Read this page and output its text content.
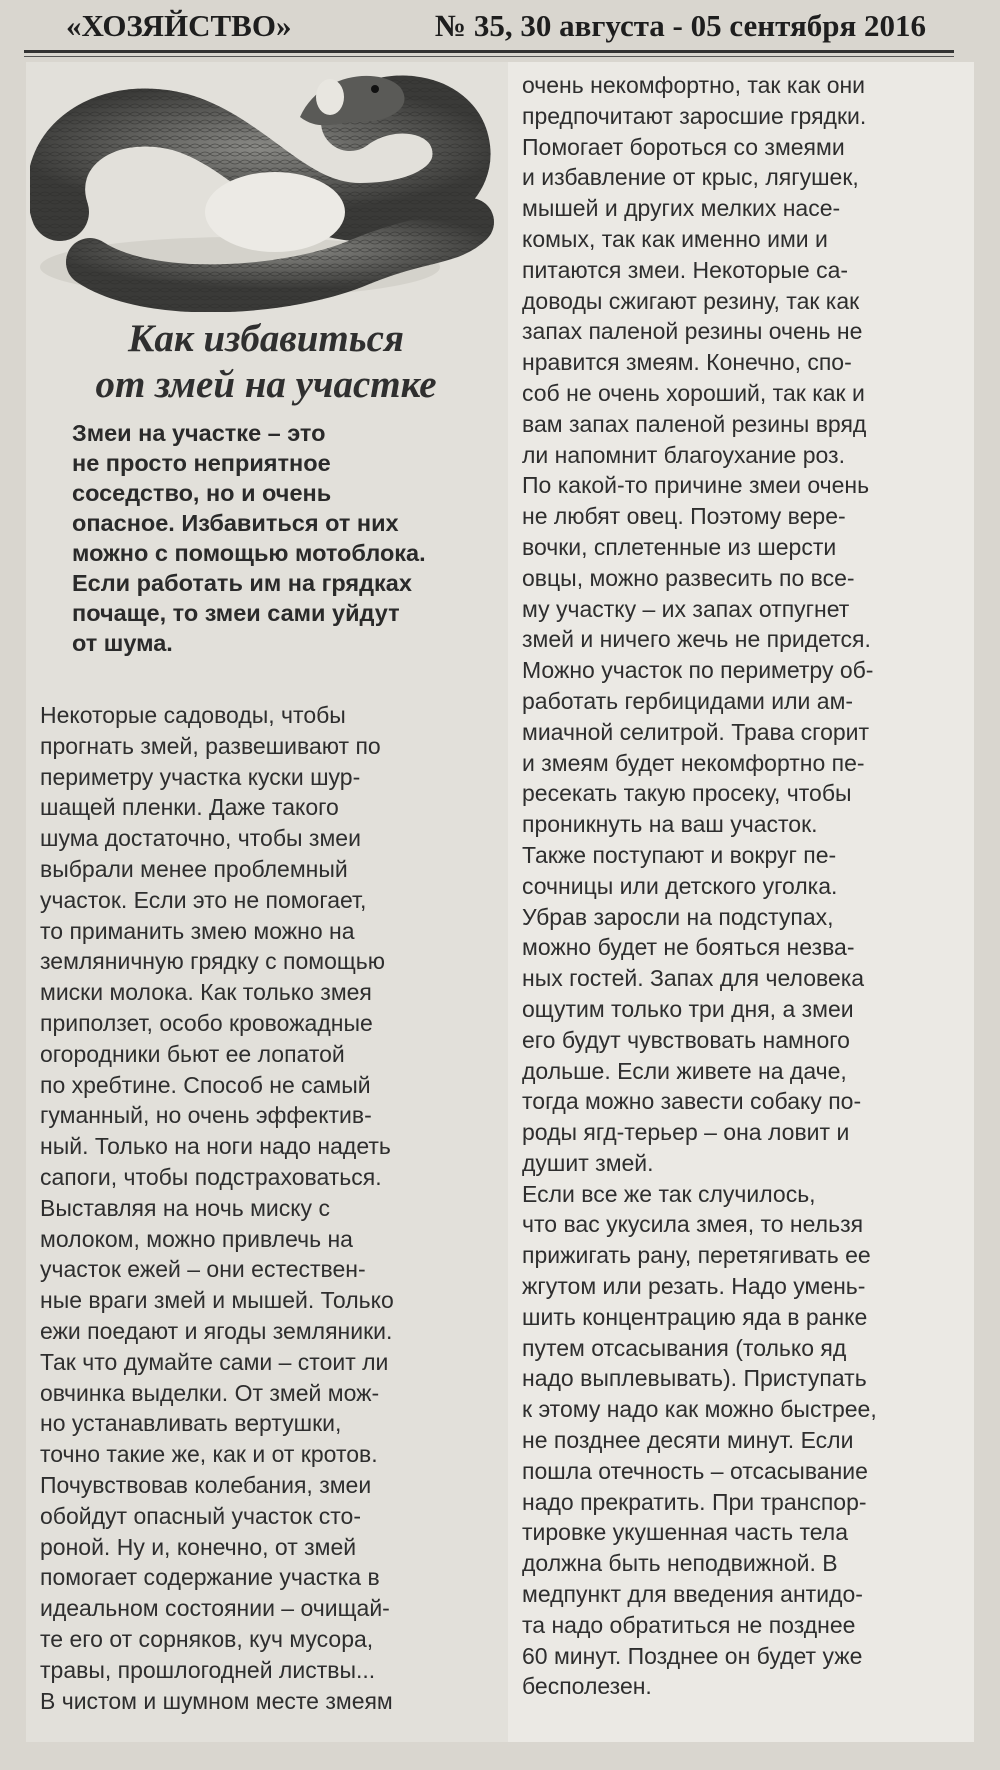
«ХОЗЯЙСТВО»	№ 35, 30 августа - 05 сентября 2016
Как избавиться
от змей на участке
Змеи на участке – это
не просто неприятное
соседство, но и очень
опасное. Избавиться от них
можно с помощью мотоблока.
Если работать им на грядках
почаще, то змеи сами уйдут
от шума.
Некоторые садоводы, чтобы
прогнать змей, развешивают по
периметру участка куски шур-
шащей пленки. Даже такого
шума достаточно, чтобы змеи
выбрали менее проблемный
участок. Если это не помогает,
то приманить змею можно на
земляничную грядку с помощью
миски молока. Как только змея
приползет, особо кровожадные
огородники бьют ее лопатой
по хребтине. Способ не самый
гуманный, но очень эффектив-
ный. Только на ноги надо надеть
сапоги, чтобы подстраховаться.
Выставляя на ночь миску с
молоком, можно привлечь на
участок ежей – они естествен-
ные враги змей и мышей. Только
ежи поедают и ягоды земляники.
Так что думайте сами – стоит ли
овчинка выделки. От змей мож-
но устанавливать вертушки,
точно такие же, как и от кротов.
Почувствовав колебания, змеи
обойдут опасный участок сто-
роной. Ну и, конечно, от змей
помогает содержание участка в
идеальном состоянии – очищай-
те его от сорняков, куч мусора,
травы, прошлогодней листвы...
В чистом и шумном месте змеям
очень некомфортно, так как они
предпочитают заросшие грядки.
Помогает бороться со змеями
и избавление от крыс, лягушек,
мышей и других мелких насе-
комых, так как именно ими и
питаются змеи. Некоторые са-
доводы сжигают резину, так как
запах паленой резины очень не
нравится змеям. Конечно, спо-
соб не очень хороший, так как и
вам запах паленой резины вряд
ли напомнит благоухание роз.
По какой-то причине змеи очень
не любят овец. Поэтому вере-
вочки, сплетенные из шерсти
овцы, можно развесить по все-
му участку – их запах отпугнет
змей и ничего жечь не придется.
Можно участок по периметру об-
работать гербицидами или ам-
миачной селитрой. Трава сгорит
и змеям будет некомфортно пе-
ресекать такую просеку, чтобы
проникнуть на ваш участок.
Также поступают и вокруг пе-
сочницы или детского уголка.
Убрав заросли на подступах,
можно будет не бояться незва-
ных гостей. Запах для человека
ощутим только три дня, а змеи
его будут чувствовать намного
дольше. Если живете на даче,
тогда можно завести собаку по-
роды ягд-терьер – она ловит и
душит змей.
Если все же так случилось,
что вас укусила змея, то нельзя
прижигать рану, перетягивать ее
жгутом или резать. Надо умень-
шить концентрацию яда в ранке
путем отсасывания (только яд
надо выплевывать). Приступать
к этому надо как можно быстрее,
не позднее десяти минут. Если
пошла отечность – отсасывание
надо прекратить. При транспор-
тировке укушенная часть тела
должна быть неподвижной. В
медпункт для введения антидо-
та надо обратиться не позднее
60 минут. Позднее он будет уже
бесполезен.
